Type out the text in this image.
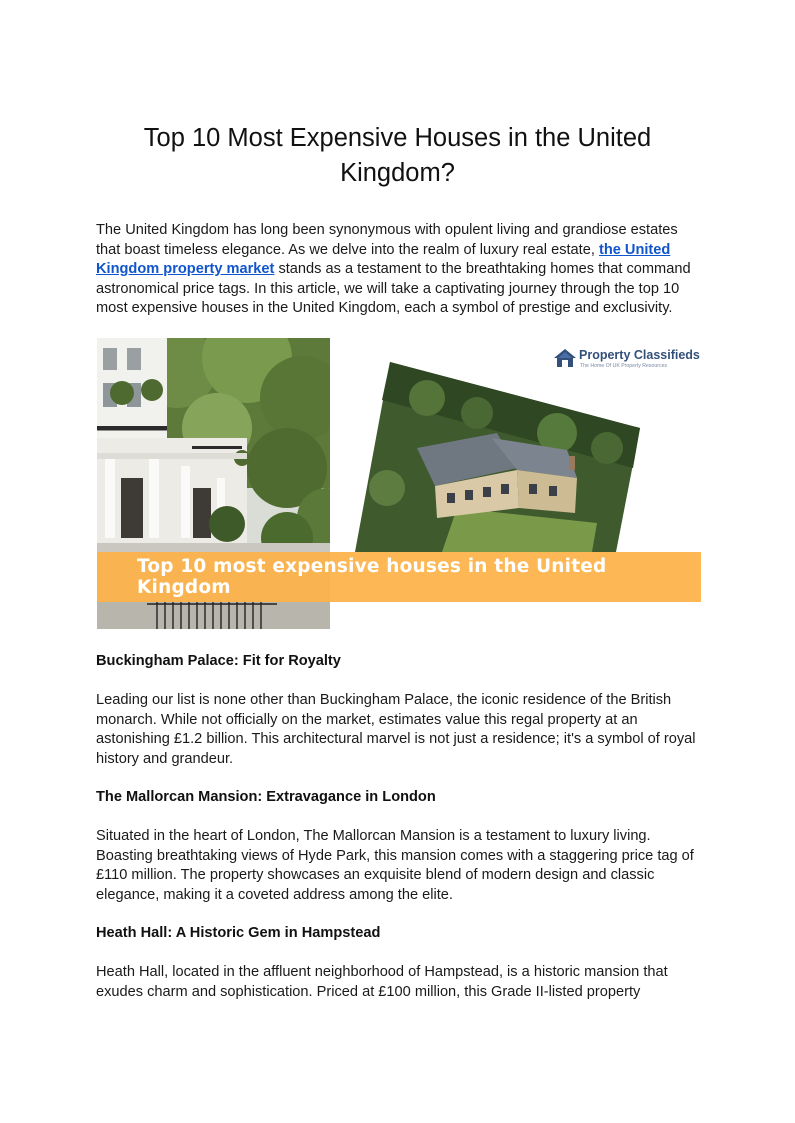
Top 10 Most Expensive Houses in the United Kingdom?

The United Kingdom has long been synonymous with opulent living and grandiose estates that boast timeless elegance. As we delve into the realm of luxury real estate, the United Kingdom property market stands as a testament to the breathtaking homes that command astronomical price tags. In this article, we will take a captivating journey through the top 10 most expensive houses in the United Kingdom, each a symbol of prestige and exclusivity.

Property Classifieds
The Home Of UK Property Resources
Top 10 most expensive houses in the United Kingdom

Buckingham Palace: Fit for Royalty

Leading our list is none other than Buckingham Palace, the iconic residence of the British monarch. While not officially on the market, estimates value this regal property at an astonishing £1.2 billion. This architectural marvel is not just a residence; it's a symbol of royal history and grandeur.

The Mallorcan Mansion: Extravagance in London

Situated in the heart of London, The Mallorcan Mansion is a testament to luxury living. Boasting breathtaking views of Hyde Park, this mansion comes with a staggering price tag of £110 million. The property showcases an exquisite blend of modern design and classic elegance, making it a coveted address among the elite.

Heath Hall: A Historic Gem in Hampstead

Heath Hall, located in the affluent neighborhood of Hampstead, is a historic mansion that exudes charm and sophistication. Priced at £100 million, this Grade II-listed property
